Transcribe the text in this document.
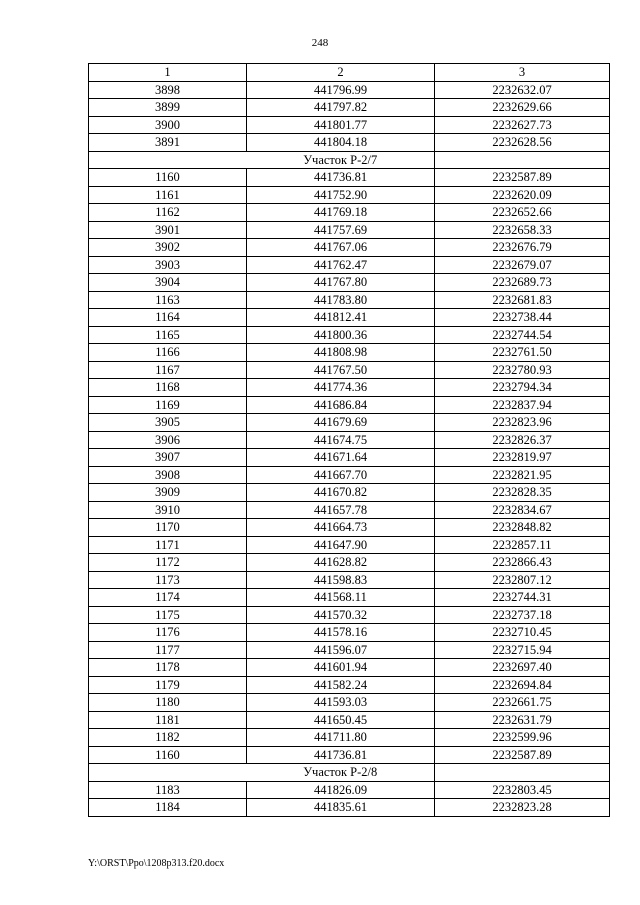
248
1	2	3
3898	441796.99	2232632.07
3899	441797.82	2232629.66
3900	441801.77	2232627.73
3891	441804.18	2232628.56
	Участок Р-2/7	
1160	441736.81	2232587.89
1161	441752.90	2232620.09
1162	441769.18	2232652.66
3901	441757.69	2232658.33
3902	441767.06	2232676.79
3903	441762.47	2232679.07
3904	441767.80	2232689.73
1163	441783.80	2232681.83
1164	441812.41	2232738.44
1165	441800.36	2232744.54
1166	441808.98	2232761.50
1167	441767.50	2232780.93
1168	441774.36	2232794.34
1169	441686.84	2232837.94
3905	441679.69	2232823.96
3906	441674.75	2232826.37
3907	441671.64	2232819.97
3908	441667.70	2232821.95
3909	441670.82	2232828.35
3910	441657.78	2232834.67
1170	441664.73	2232848.82
1171	441647.90	2232857.11
1172	441628.82	2232866.43
1173	441598.83	2232807.12
1174	441568.11	2232744.31
1175	441570.32	2232737.18
1176	441578.16	2232710.45
1177	441596.07	2232715.94
1178	441601.94	2232697.40
1179	441582.24	2232694.84
1180	441593.03	2232661.75
1181	441650.45	2232631.79
1182	441711.80	2232599.96
1160	441736.81	2232587.89
	Участок Р-2/8	
1183	441826.09	2232803.45
1184	441835.61	2232823.28
Y:\ORST\Ppo\1208p313.f20.docx
